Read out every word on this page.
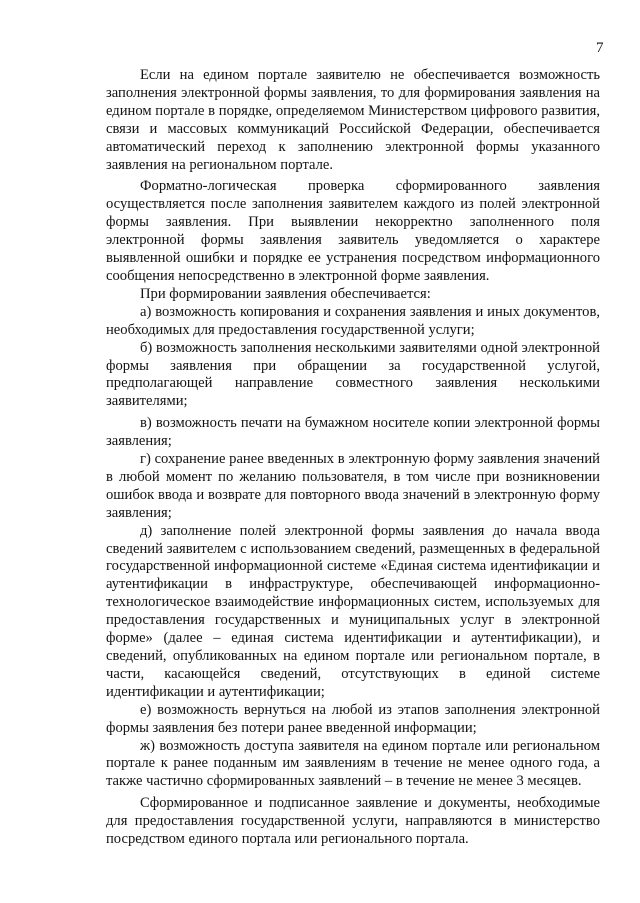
7

Если на едином портале заявителю не обеспечивается возможность заполнения электронной формы заявления, то для формирования заявления на едином портале в порядке, определяемом Министерством цифрового развития, связи и массовых коммуникаций Российской Федерации, обеспечивается автоматический переход к заполнению электронной формы указанного заявления на региональном портале.

Форматно-логическая проверка сформированного заявления осуществляется после заполнения заявителем каждого из полей электронной формы заявления. При выявлении некорректно заполненного поля электронной формы заявления заявитель уведомляется о характере выявленной ошибки и порядке ее устранения посредством информационного сообщения непосредственно в электронной форме заявления.

При формировании заявления обеспечивается:

а) возможность копирования и сохранения заявления и иных документов, необходимых для предоставления государственной услуги;

б) возможность заполнения несколькими заявителями одной электронной формы заявления при обращении за государственной услугой, предполагающей направление совместного заявления несколькими заявителями;

в) возможность печати на бумажном носителе копии электронной формы заявления;

г) сохранение ранее введенных в электронную форму заявления значений в любой момент по желанию пользователя, в том числе при возникновении ошибок ввода и возврате для повторного ввода значений в электронную форму заявления;

д) заполнение полей электронной формы заявления до начала ввода сведений заявителем с использованием сведений, размещенных в федеральной государственной информационной системе «Единая система идентификации и аутентификации в инфраструктуре, обеспечивающей информационно-технологическое взаимодействие информационных систем, используемых для предоставления государственных и муниципальных услуг в электронной форме» (далее – единая система идентификации и аутентификации), и сведений, опубликованных на едином портале или региональном портале, в части, касающейся сведений, отсутствующих в единой системе идентификации и аутентификации;

е) возможность вернуться на любой из этапов заполнения электронной формы заявления без потери ранее введенной информации;

ж) возможность доступа заявителя на едином портале или региональном портале к ранее поданным им заявлениям в течение не менее одного года, а также частично сформированных заявлений – в течение не менее 3 месяцев.

Сформированное и подписанное заявление и документы, необходимые для предоставления государственной услуги, направляются в министерство посредством единого портала или регионального портала.
